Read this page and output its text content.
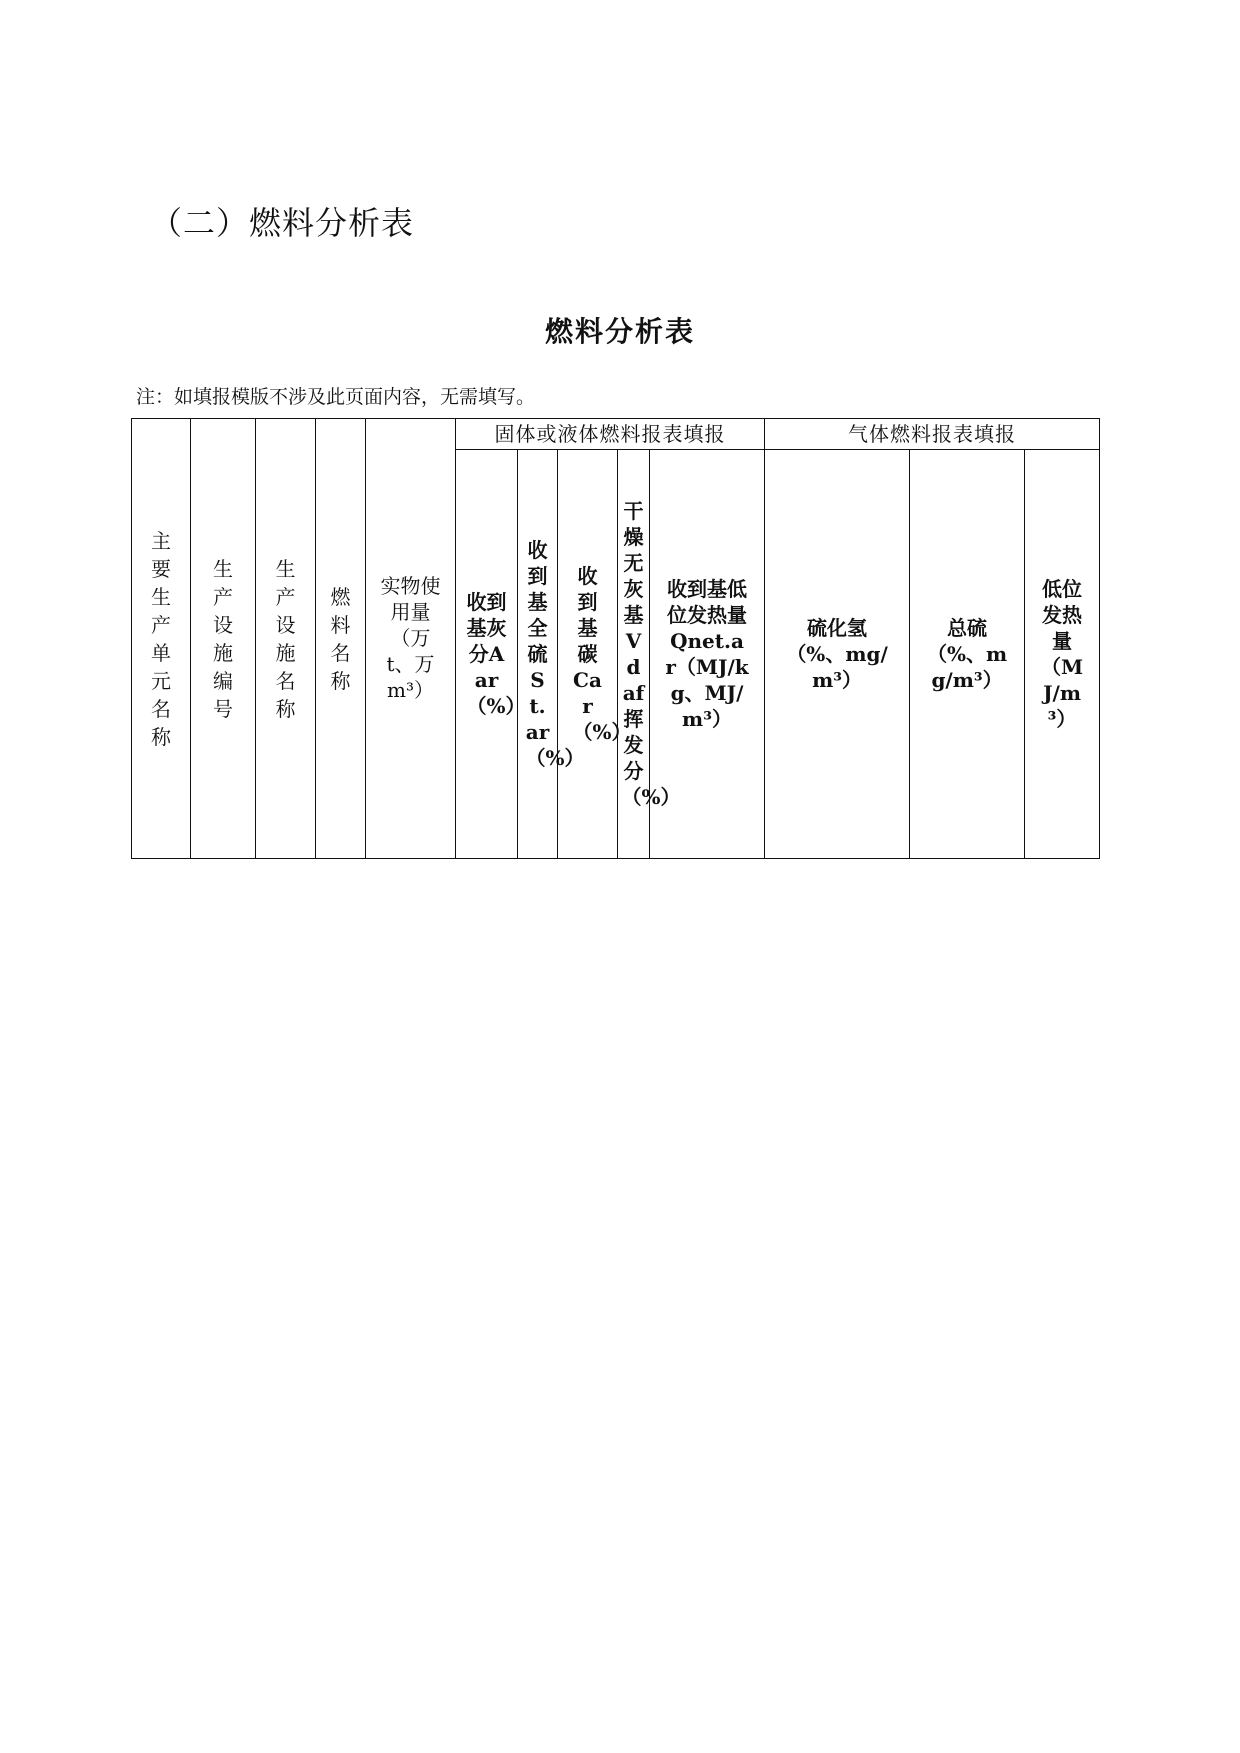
（二）燃料分析表
燃料分析表
注：如填报模版不涉及此页面内容，无需填写。
主要生产单元名称	生产设施编号	生产设施名称	燃料名称	实物使用量（万t、万m³）	固体或液体燃料报表填报					气体燃料报表填报		
					收到基灰分Aar（%）	收到基全硫St.ar（%）	收到基碳Car（%）	干燥无灰基Vdaf挥发分（%）	收到基低位发热量Qnet.ar（MJ/kg、MJ/m³）	硫化氢（%、mg/m³）	总硫（%、mg/m³）	低位发热量（MJ/m³）
